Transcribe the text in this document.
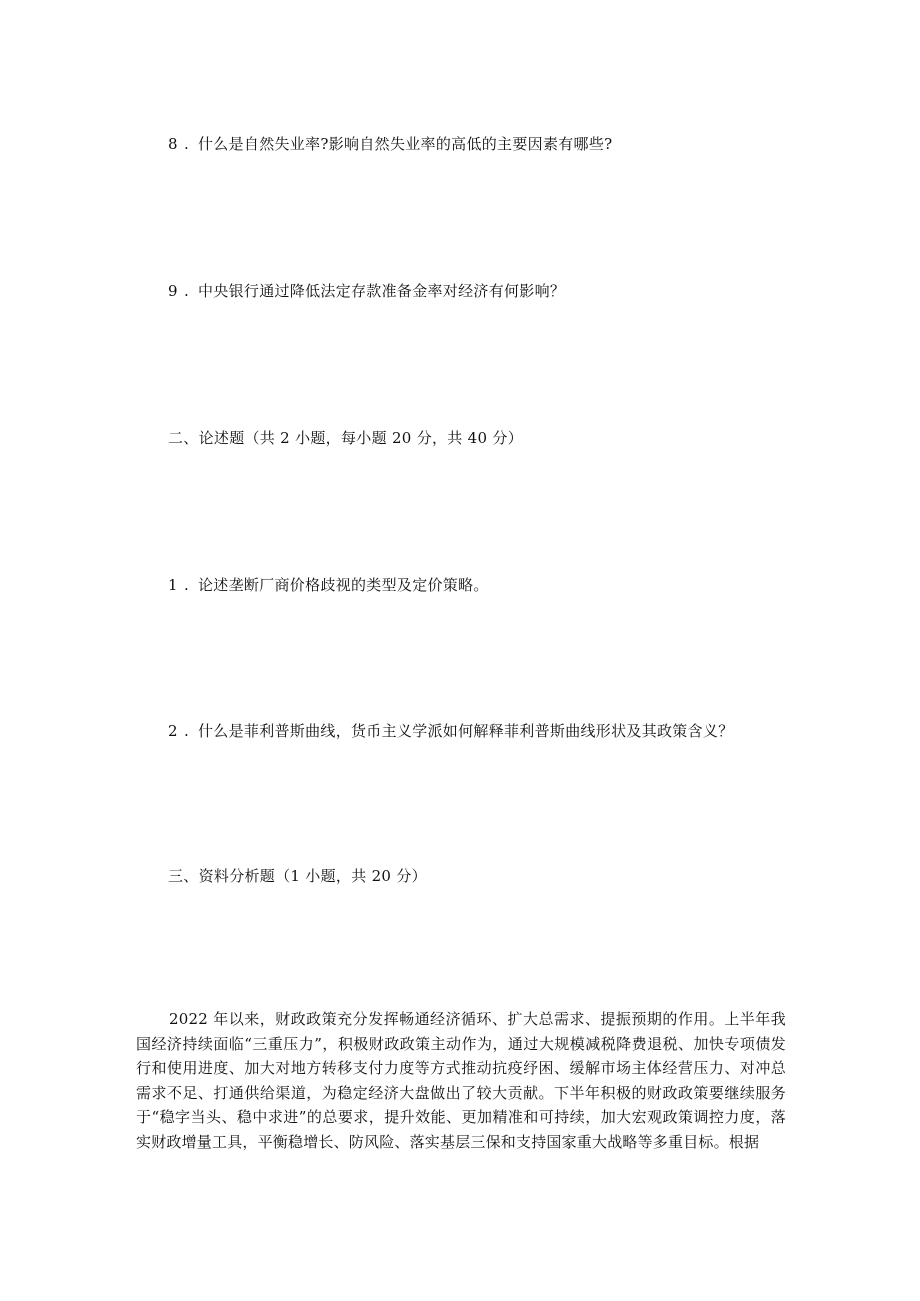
8 . 什么是自然失业率?影响自然失业率的高低的主要因素有哪些?
9 . 中央银行通过降低法定存款准备金率对经济有何影响？
二、论述题（共 2 小题，每小题 20 分，共 40 分）
1 . 论述垄断厂商价格歧视的类型及定价策略。
2 . 什么是菲利普斯曲线，货币主义学派如何解释菲利普斯曲线形状及其政策含义？
三、资料分析题（1 小题，共 20 分）
2022 年以来，财政政策充分发挥畅通经济循环、扩大总需求、提振预期的作用。上半年我国经济持续面临“三重压力”，积极财政政策主动作为，通过大规模减税降费退税、加快专项债发行和使用进度、加大对地方转移支付力度等方式推动抗疫纾困、缓解市场主体经营压力、对冲总需求不足、打通供给渠道，为稳定经济大盘做出了较大贡献。下半年积极的财政政策要继续服务于“稳字当头、稳中求进”的总要求，提升效能、更加精准和可持续，加大宏观政策调控力度，落实财政增量工具，平衡稳增长、防风险、落实基层三保和支持国家重大战略等多重目标。根据
